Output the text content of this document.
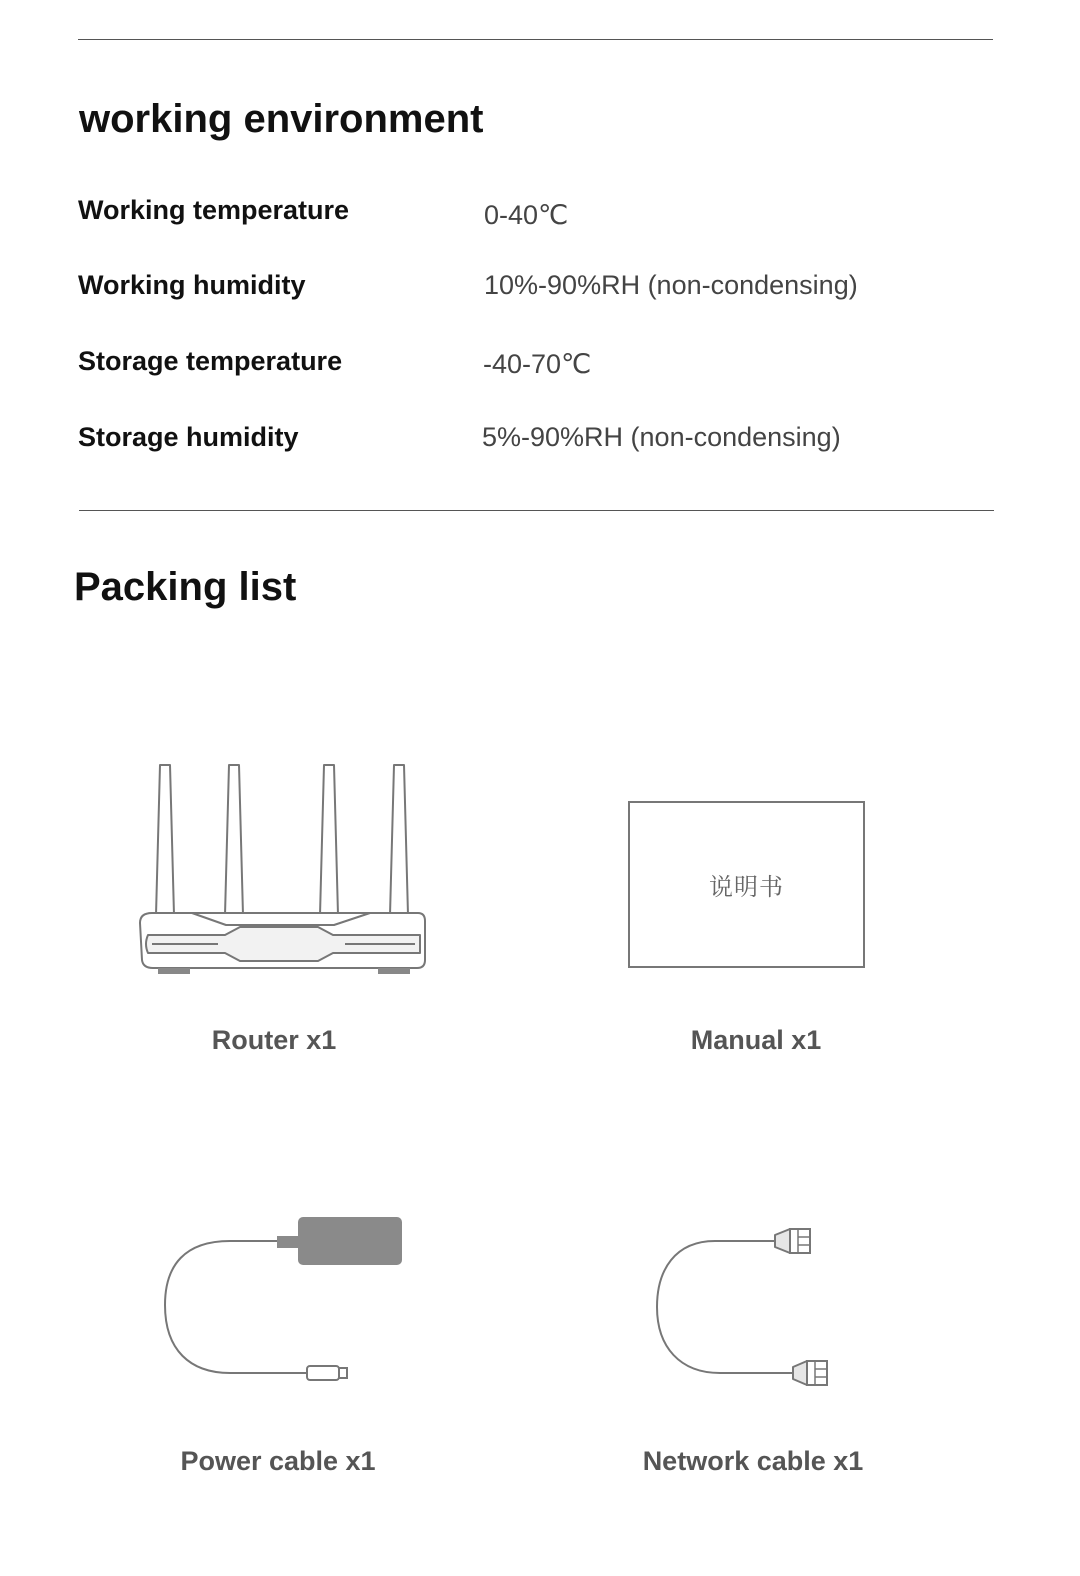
working environment
Working temperature	0-40℃
Working humidity	10%-90%RH (non-condensing)
Storage temperature	-40-70℃
Storage humidity	5%-90%RH (non-condensing)
Packing list
Router x1
说明书
Manual x1
Power cable x1	Network cable x1
